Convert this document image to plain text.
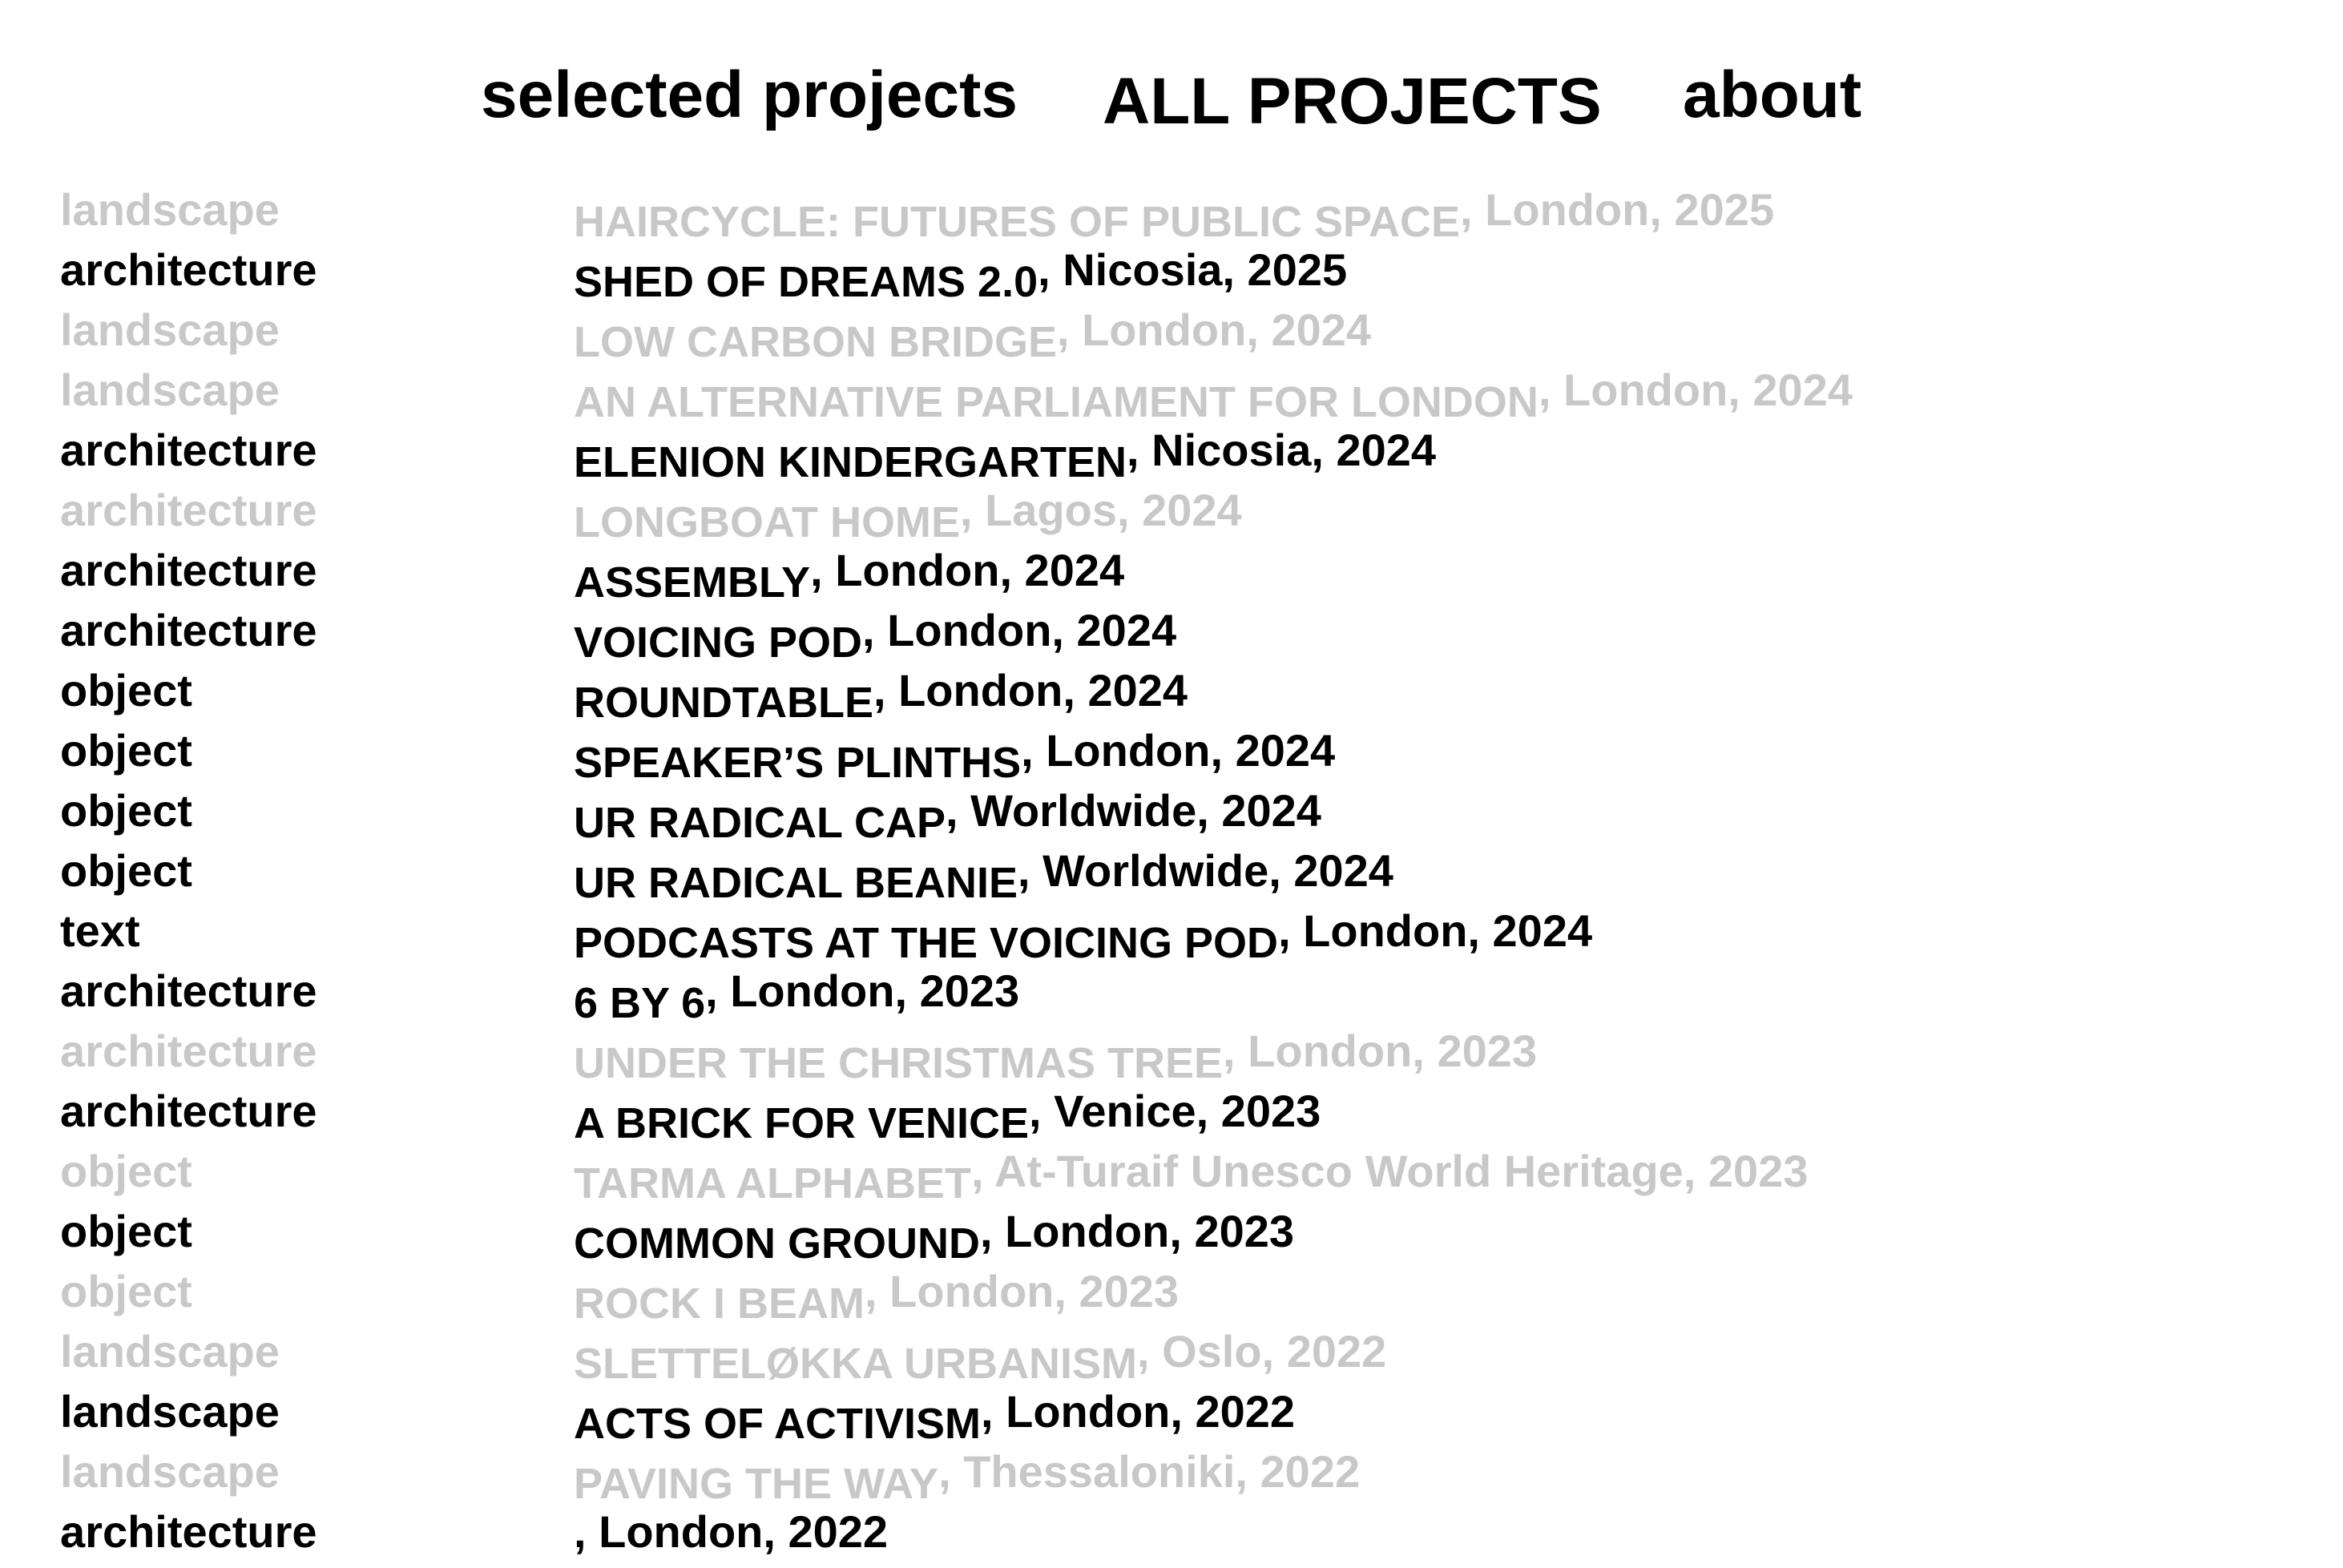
selected projects ALL PROJECTS about
landscape	HAIRCYCLE: FUTURES OF PUBLIC SPACE, London, 2025
architecture	SHED OF DREAMS 2.0, Nicosia, 2025
landscape	LOW CARBON BRIDGE, London, 2024
landscape	AN ALTERNATIVE PARLIAMENT FOR LONDON, London, 2024
architecture	ELENION KINDERGARTEN, Nicosia, 2024
architecture	LONGBOAT HOME, Lagos, 2024
architecture	ASSEMBLY, London, 2024
architecture	VOICING POD, London, 2024
object	ROUNDTABLE, London, 2024
object	SPEAKER’S PLINTHS, London, 2024
object	UR RADICAL CAP, Worldwide, 2024
object	UR RADICAL BEANIE, Worldwide, 2024
text	PODCASTS AT THE VOICING POD, London, 2024
architecture	6 BY 6, London, 2023
architecture	UNDER THE CHRISTMAS TREE, London, 2023
architecture	A BRICK FOR VENICE, Venice, 2023
object	TARMA ALPHABET, At-Turaif Unesco World Heritage, 2023
object	COMMON GROUND, London, 2023
object	ROCK I BEAM, London, 2023
landscape	SLETTELØKKA URBANISM, Oslo, 2022
landscape	ACTS OF ACTIVISM, London, 2022
landscape	PAVING THE WAY, Thessaloniki, 2022
architecture	, London, 2022
